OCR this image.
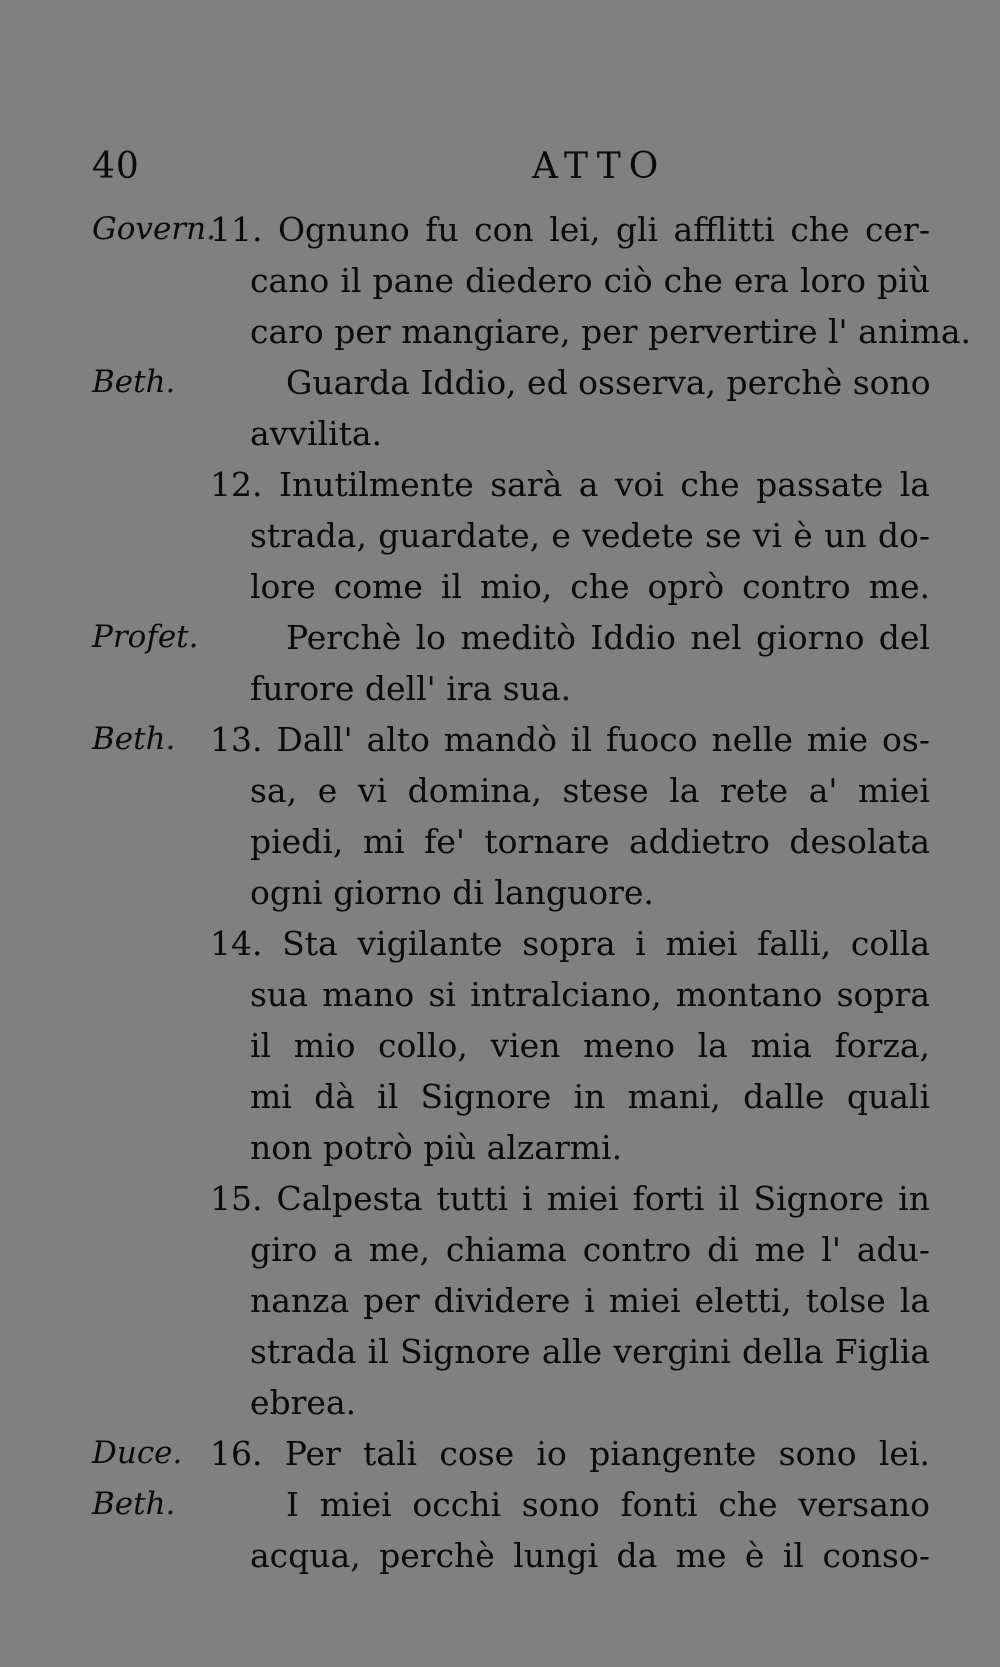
40	ATTO
Govern.
11. Ognuno fu con lei, gli afflitti che cer-
cano il pane diedero ciò che era loro più
caro per mangiare, per pervertire l' anima.
Beth.	Guarda Iddio, ed osserva, perchè sono
avvilita.
12. Inutilmente sarà a voi che passate la
strada, guardate, e vedete se vi è un do-
lore come il mio, che oprò contro me.
Profet.	Perchè lo meditò Iddio nel giorno del
furore dell' ira sua.
Beth. 13. Dall' alto mandò il fuoco nelle mie os-
sa, e vi domina, stese la rete a' miei
piedi, mi fe' tornare addietro desolata
ogni giorno di languore.
14. Sta vigilante sopra i miei falli, colla
sua mano si intralciano, montano sopra
il mio collo, vien meno la mia forza,
mi dà il Signore in mani, dalle quali
non potrò più alzarmi.
15. Calpesta tutti i miei forti il Signore in
giro a me, chiama contro di me l' adu-
nanza per dividere i miei eletti, tolse la
strada il Signore alle vergini della Figlia
ebrea.
Duce. 16. Per tali cose io piangente sono lei.
Beth.	I miei occhi sono fonti che versano
acqua, perchè lungi da me è il conso-
